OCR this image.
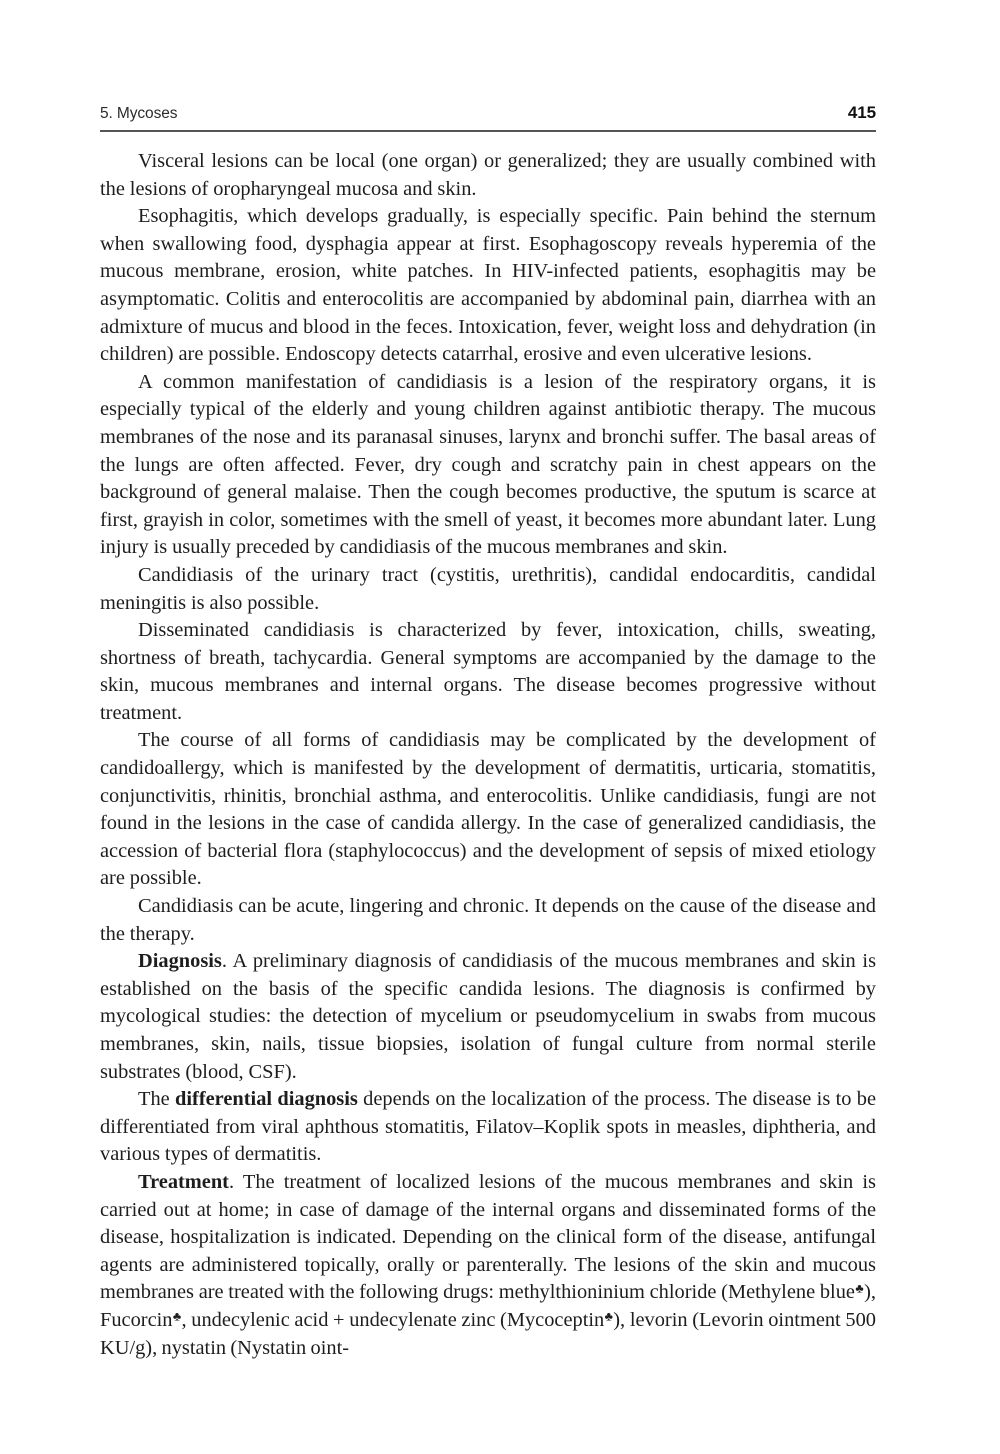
5. Mycoses	415

Visceral lesions can be local (one organ) or generalized; they are usually combined with the lesions of oropharyngeal mucosa and skin.

Esophagitis, which develops gradually, is especially specific. Pain behind the sternum when swallowing food, dysphagia appear at first. Esophagoscopy reveals hyperemia of the mucous membrane, erosion, white patches. In HIV-infected patients, esophagitis may be asymptomatic. Colitis and enterocolitis are accompanied by abdominal pain, diarrhea with an admixture of mucus and blood in the feces. Intoxication, fever, weight loss and dehydration (in children) are possible. Endoscopy detects catarrhal, erosive and even ulcerative lesions.

A common manifestation of candidiasis is a lesion of the respiratory organs, it is especially typical of the elderly and young children against antibiotic therapy. The mucous membranes of the nose and its paranasal sinuses, larynx and bronchi suffer. The basal areas of the lungs are often affected. Fever, dry cough and scratchy pain in chest appears on the background of general malaise. Then the cough becomes productive, the sputum is scarce at first, grayish in color, sometimes with the smell of yeast, it becomes more abundant later. Lung injury is usually preceded by candidiasis of the mucous membranes and skin.

Candidiasis of the urinary tract (cystitis, urethritis), candidal endocarditis, candidal meningitis is also possible.

Disseminated candidiasis is characterized by fever, intoxication, chills, sweating, shortness of breath, tachycardia. General symptoms are accompanied by the damage to the skin, mucous membranes and internal organs. The disease becomes progressive without treatment.

The course of all forms of candidiasis may be complicated by the development of candidoallergy, which is manifested by the development of dermatitis, urticaria, stomatitis, conjunctivitis, rhinitis, bronchial asthma, and enterocolitis. Unlike candidiasis, fungi are not found in the lesions in the case of candida allergy. In the case of generalized candidiasis, the accession of bacterial flora (staphylococcus) and the development of sepsis of mixed etiology are possible.

Candidiasis can be acute, lingering and chronic. It depends on the cause of the disease and the therapy.

Diagnosis. A preliminary diagnosis of candidiasis of the mucous membranes and skin is established on the basis of the specific candida lesions. The diagnosis is confirmed by mycological studies: the detection of mycelium or pseudomycelium in swabs from mucous membranes, skin, nails, tissue biopsies, isolation of fungal culture from normal sterile substrates (blood, CSF).

The differential diagnosis depends on the localization of the process. The disease is to be differentiated from viral aphthous stomatitis, Filatov–Koplik spots in measles, diphtheria, and various types of dermatitis.

Treatment. The treatment of localized lesions of the mucous membranes and skin is carried out at home; in case of damage of the internal organs and disseminated forms of the disease, hospitalization is indicated. Depending on the clinical form of the disease, antifungal agents are administered topically, orally or parenterally. The lesions of the skin and mucous membranes are treated with the following drugs: methylthioninium chloride (Methylene blue♣), Fucorcin♣, undecylenic acid + undecylenate zinc (Mycoceptin♣), levorin (Levorin ointment 500 KU/g), nystatin (Nystatin oint-
